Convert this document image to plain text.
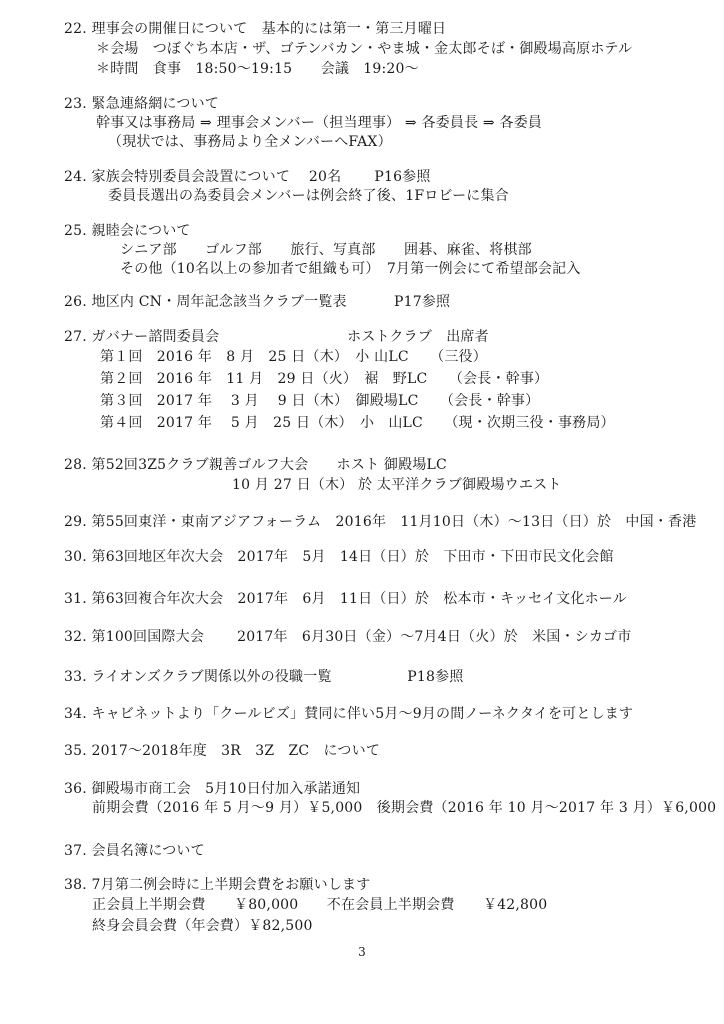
22. 理事会の開催日について　基本的には第一・第三月曜日
＊会場　つぼぐち本店・ザ、ゴテンバカン・やま城・金太郎そば・御殿場高原ホテル
＊時間　食事　18:50〜19:15　　会議　19:20〜
23. 緊急連絡網について
幹事又は事務局 ⇒ 理事会メンバー（担当理事） ⇒ 各委員長 ⇒ 各委員
（現状では、事務局より全メンバーへFAX）
24. 家族会特別委員会設置について　 20名　　 P16参照
委員長選出の為委員会メンバーは例会終了後、1Fロビーに集合
25. 親睦会について
シニア部　　ゴルフ部　　旅行、写真部　　囲碁、麻雀、将棋部
その他（10名以上の参加者で組織も可）　7月第一例会にて希望部会記入
26. 地区内 CN・周年記念該当クラブ一覧表　　　 P17参照
27. ガバナー諮問委員会　　　　　　　　　ホストクラブ　出席者
第１回　2016 年　8 月　25 日（木）　小 山LC　　（三役）
第２回　2016 年　11 月　29 日（火）　裾　野LC　　（会長・幹事）
第３回　2017 年　 3 月　 9 日（木）　御殿場LC　　（会長・幹事）
第４回　2017 年　 5 月　25 日（木）　小　山LC　　（現・次期三役・事務局）
28. 第52回3Z5クラブ親善ゴルフ大会　　ホスト 御殿場LC
10 月 27 日（木） 於 太平洋クラブ御殿場ウエスト
29. 第55回東洋・東南アジアフォーラム　2016年　11月10日（木）〜13日（日）於　中国・香港
30. 第63回地区年次大会　2017年　5月　14日（日）於　下田市・下田市民文化会館
31. 第63回複合年次大会　2017年　6月　11日（日）於　松本市・キッセイ文化ホール
32. 第100回国際大会　　 2017年　6月30日（金）〜7月4日（火）於　米国・シカゴ市
33. ライオンズクラブ関係以外の役職一覧　　　　　 P18参照
34. キャビネットより「クールビズ」賛同に伴い5月〜9月の間ノーネクタイを可とします
35. 2017〜2018年度　3R　3Z　ZC　について
36. 御殿場市商工会　5月10日付加入承諾通知
前期会費（2016 年 5 月〜9 月）￥5,000　後期会費（2016 年 10 月〜2017 年 3 月）￥6,000
37. 会員名簿について
38. 7月第二例会時に上半期会費をお願いします
正会員上半期会費　　￥80,000　　不在会員上半期会費　　￥42,800
終身会員会費（年会費）￥82,500
3
